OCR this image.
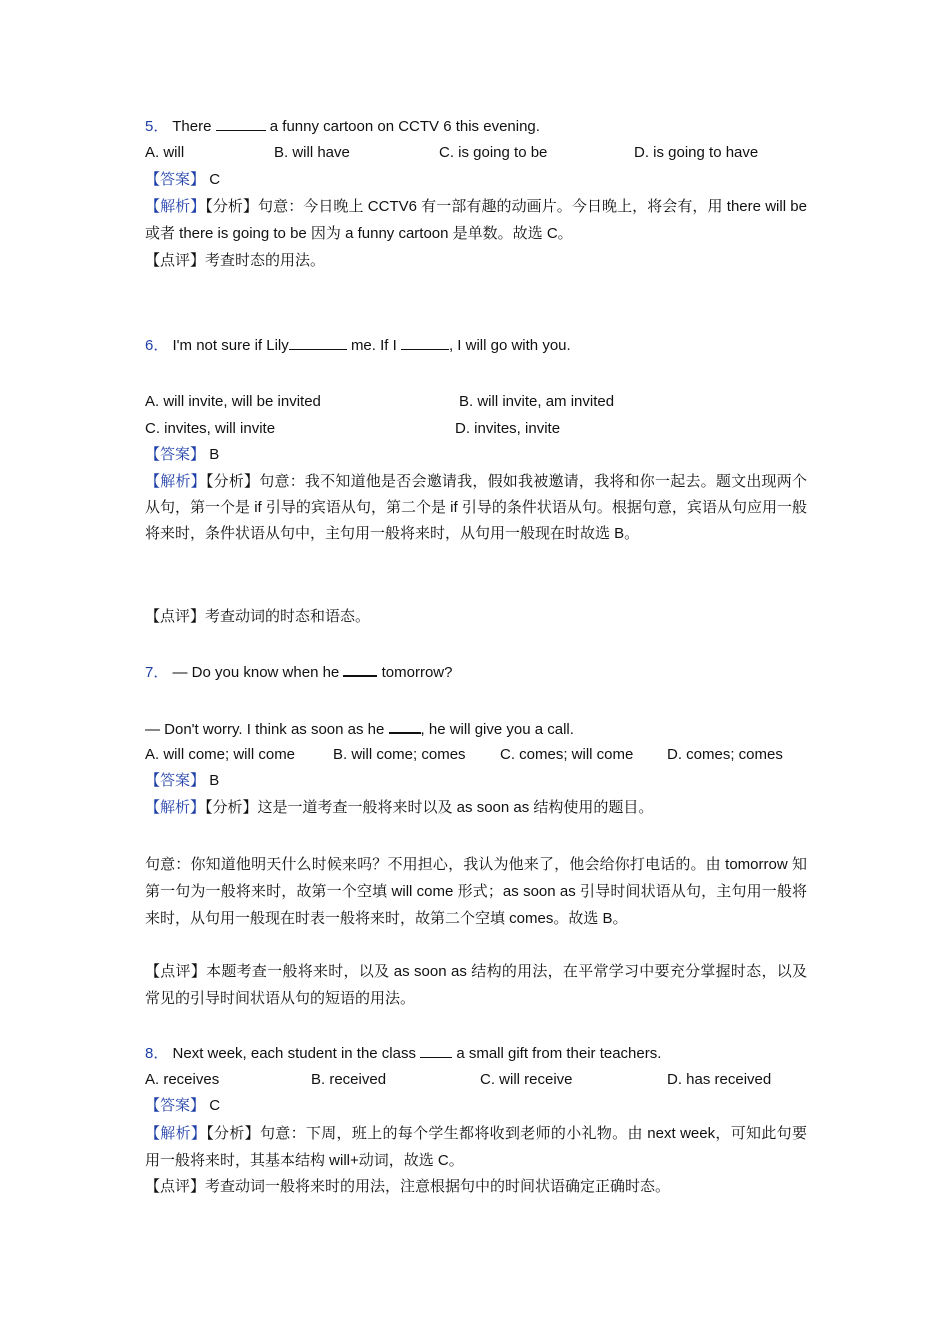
5． There	a funny cartoon on CCTV 6 this evening.
A. will	B. will have	C. is going to be	D. is going to have
【答案】 C
【解析】【分析】句意：今日晚上 CCTV6 有一部有趣的动画片。今日晚上，将会有，用 there will be 或者 there is going to be 因为 a funny cartoon 是单数。故选 C。
【点评】考查时态的用法。
6． I'm not sure if Lily	me. If I	, I will go with you.
A. will invite, will be invited	B. will invite, am invited
C. invites, will invite	D. invites, invite
【答案】 B
【解析】【分析】句意：我不知道他是否会邀请我，假如我被邀请，我将和你一起去。题文出现两个从句，第一个是 if 引导的宾语从句，第二个是 if 引导的条件状语从句。根据句意，宾语从句应用一般将来时，条件状语从句中，主句用一般将来时，从句用一般现在时故选 B。
【点评】考查动词的时态和语态。
7． — Do you know when he	tomorrow?
— Don't worry. I think as soon as he , he will give you a call.
A. will come; will come	B. will come; comes C. comes; will come D. comes; comes
【答案】 B
【解析】【分析】这是一道考查一般将来时以及 as soon as 结构使用的题目。
句意：你知道他明天什么时候来吗？不用担心，我认为他来了，他会给你打电话的。由 tomorrow 知第一句为一般将来时，故第一个空填 will come 形式；as soon as 引导时间状语从句，主句用一般将来时，从句用一般现在时表一般将来时，故第二个空填 comes。故选 B。
【点评】本题考查一般将来时，以及 as soon as 结构的用法，在平常学习中要充分掌握时态，以及常见的引导时间状语从句的短语的用法。
8． Next week, each student in the class	a small gift from their teachers.
A. receives	B. received	C. will receive	D. has received
【答案】 C
【解析】【分析】句意：下周，班上的每个学生都将收到老师的小礼物。由 next week，可知此句要用一般将来时，其基本结构 will+动词，故选 C。
【点评】考查动词一般将来时的用法，注意根据句中的时间状语确定正确时态。
